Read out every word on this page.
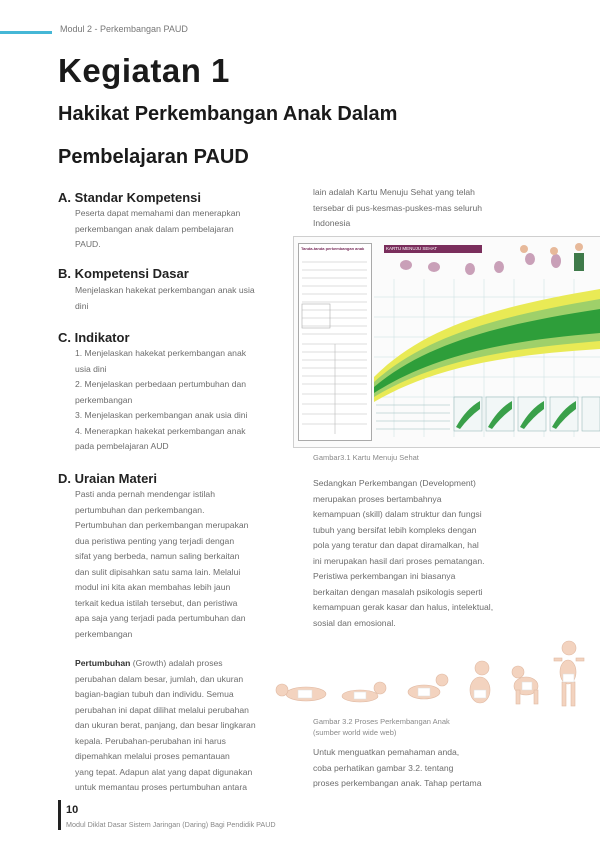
Modul 2 - Perkembangan PAUD
Kegiatan 1
Hakikat Perkembangan Anak Dalam
Pembelajaran PAUD
A. Standar Kompetensi
Peserta dapat memahami dan menerapkan
perkembangan anak dalam pembelajaran
PAUD.
B. Kompetensi Dasar
Menjelaskan hakekat perkembangan anak usia
dini
C. Indikator
1. Menjelaskan hakekat perkembangan anak
usia dini
2. Menjelaskan perbedaan pertumbuhan dan
perkembangan
3. Menjelaskan perkembangan anak usia dini
4. Menerapkan hakekat perkembangan anak
pada pembelajaran AUD
D. Uraian Materi
Pasti anda pernah mendengar istilah
pertumbuhan dan perkembangan.
Pertumbuhan dan perkembangan merupakan
dua peristiwa penting yang terjadi dengan
sifat yang berbeda, namun saling berkaitan
dan sulit dipisahkan satu sama lain. Melalui
modul ini kita akan membahas lebih jaun
terkait kedua istilah tersebut, dan peristiwa
apa saja yang terjadi pada pertumbuhan dan
perkembangan
Pertumbuhan (Growth) adalah proses
perubahan dalam besar, jumlah, dan ukuran
bagian-bagian tubuh dan individu. Semua
perubahan ini dapat dilihat melalui perubahan
dan ukuran berat, panjang, dan besar lingkaran
kepala. Perubahan-perubahan ini harus
dipemahkan melalui proses pemantauan
yang tepat. Adapun alat yang dapat digunakan
untuk memantau proses pertumbuhan antara
lain adalah Kartu Menuju Sehat yang telah
tersebar di pus-kesmas-puskes-mas seluruh
Indonesia
Tanda-tanda perkembangan anak	KARTU MENUJU SEHAT
Gambar3.1 Kartu Menuju Sehat
Sedangkan Perkembangan (Development)
merupakan proses bertambahnya
kemampuan (skill) dalam struktur dan fungsi
tubuh yang bersifat lebih kompleks dengan
pola yang teratur dan dapat diramalkan, hal
ini merupakan hasil dari proses pematangan.
Peristiwa perkembangan ini biasanya
berkaitan dengan masalah psikologis seperti
kemampuan gerak kasar dan halus, intelektual,
sosial dan emosional.
Gambar 3.2 Proses Perkembangan Anak
(sumber world wide web)
Untuk menguatkan pemahaman anda,
coba perhatikan gambar 3.2. tentang
proses perkembangan anak. Tahap pertama
10
Modul Diklat Dasar Sistem Jaringan (Daring) Bagi Pendidik PAUD
